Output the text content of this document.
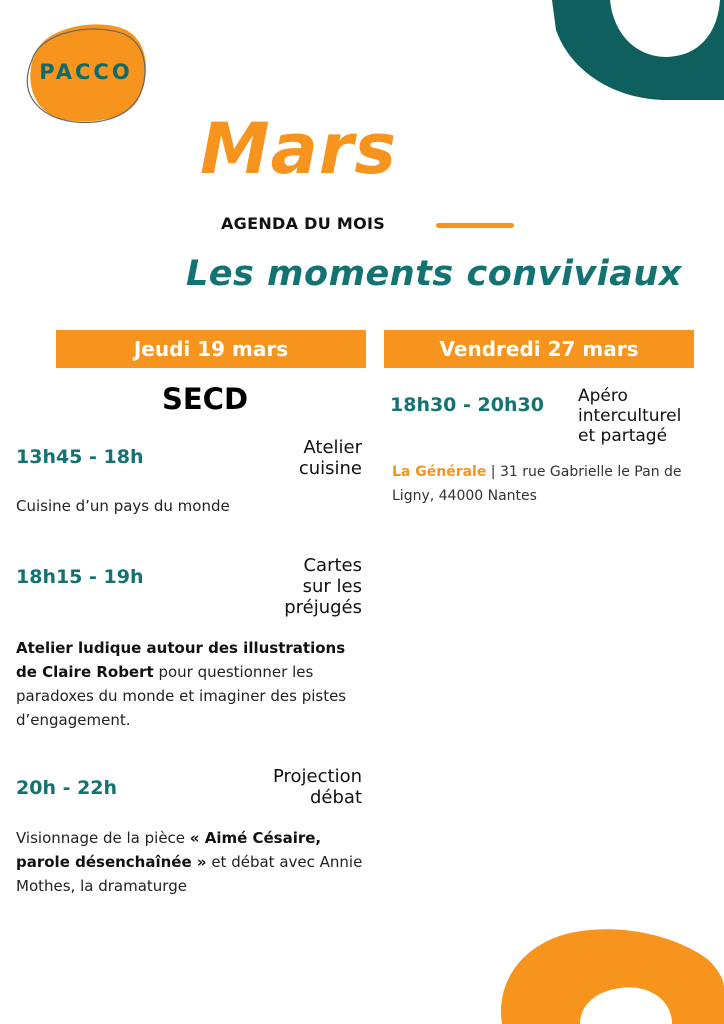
PACCO
Mars
AGENDA DU MOIS
Les moments conviviaux
Jeudi 19 mars
SECD
13h45 - 18h	Atelier
cuisine
Cuisine d’un pays du monde
18h15 - 19h
Cartes
sur les
préjugés
Atelier ludique autour des illustrations de Claire Robert pour questionner les paradoxes du monde et imaginer des pistes d’engagement.
20h - 22h
Projection
débat
Visionnage de la pièce « Aimé Césaire, parole désenchaînée » et débat avec Annie Mothes, la dramaturge
Vendredi 27 mars
18h30 - 20h30 Apéro
interculturel
et partagé
La Générale | 31 rue Gabrielle le Pan de Ligny, 44000 Nantes
